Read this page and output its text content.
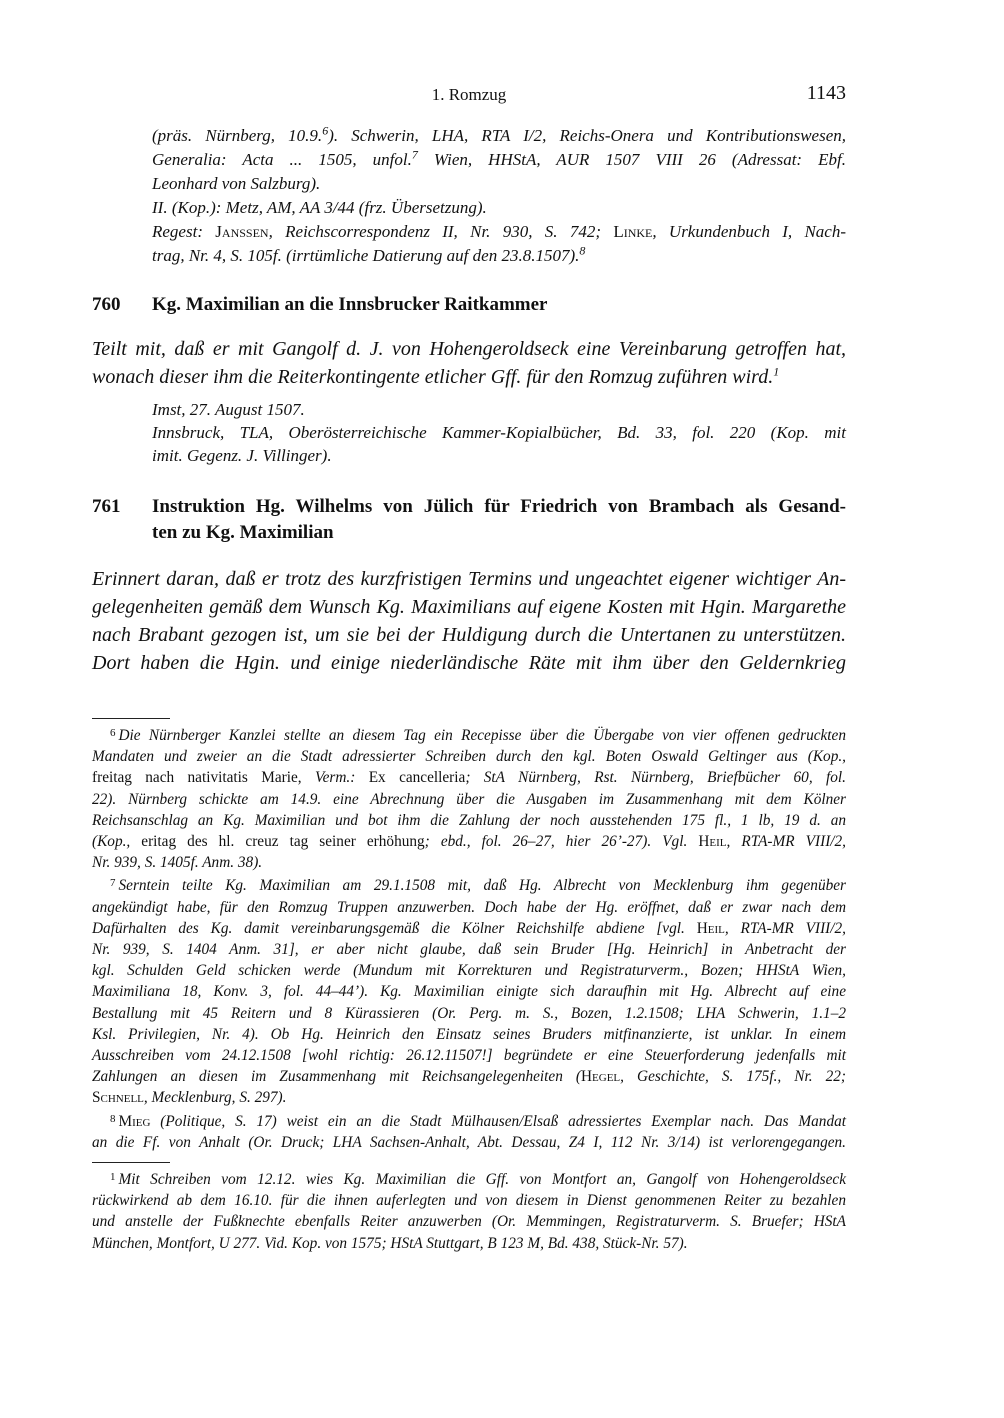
1. Romzug	1143
(präs. Nürnberg, 10.9.$^6$). Schwerin, LHA, RTA I/2, Reichs-Onera und Kontributionswesen,
Generalia: Acta ... 1505, unfol.$^7$ Wien, HHStA, AUR 1507 VIII 26 (Adressat: Ebf.
Leonhard von Salzburg).
II. (Kop.): Metz, AM, AA 3/44 (frz. Übersetzung).
Regest: Janssen, Reichscorrespondenz II, Nr. 930, S. 742; Linke, Urkundenbuch I, Nach-
trag, Nr. 4, S. 105f. (irrtümliche Datierung auf den 23.8.1507).$^8$
760	Kg. Maximilian an die Innsbrucker Raitkammer
Teilt mit, daß er mit Gangolf d. J. von Hohengeroldseck eine Vereinbarung getroffen hat,
wonach dieser ihm die Reiterkontingente etlicher Gff. für den Romzug zuführen wird.$^1$
Imst, 27. August 1507.
Innsbruck, TLA, Oberösterreichische Kammer-Kopialbücher, Bd. 33, fol. 220 (Kop. mit
imit. Gegenz. J. Villinger).
761	Instruktion Hg. Wilhelms von Jülich für Friedrich von Brambach als Gesand-
ten zu Kg. Maximilian
Erinnert daran, daß er trotz des kurzfristigen Termins und ungeachtet eigener wichtiger An-
gelegenheiten gemäß dem Wunsch Kg. Maximilians auf eigene Kosten mit Hgin. Margarethe
nach Brabant gezogen ist, um sie bei der Huldigung durch die Untertanen zu unterstützen.
Dort haben die Hgin. und einige niederländische Räte mit ihm über den Geldernkrieg
$^6$ Die Nürnberger Kanzlei stellte an diesem Tag ein Recepisse über die Übergabe von vier offenen gedruckten
Mandaten und zweier an die Stadt adressierter Schreiben durch den kgl. Boten Oswald Geltinger aus (Kop.,
freitag nach nativitatis Marie, Verm.: Ex cancelleria; StA Nürnberg, Rst. Nürnberg, Briefbücher 60, fol.
22). Nürnberg schickte am 14.9. eine Abrechnung über die Ausgaben im Zusammenhang mit dem Kölner
Reichsanschlag an Kg. Maximilian und bot ihm die Zahlung der noch ausstehenden 175 fl., 1 lb, 19 d. an
(Kop., eritag des hl. creuz tag seiner erhöhung; ebd., fol. 26–27, hier 26’-27). Vgl. Heil, RTA-MR VIII/2,
Nr. 939, S. 1405f. Anm. 38).
$^7$ Serntein teilte Kg. Maximilian am 29.1.1508 mit, daß Hg. Albrecht von Mecklenburg ihm gegenüber
angekündigt habe, für den Romzug Truppen anzuwerben. Doch habe der Hg. eröffnet, daß er zwar nach dem
Dafürhalten des Kg. damit vereinbarungsgemäß die Kölner Reichshilfe abdiene [vgl. Heil, RTA-MR VIII/2,
Nr. 939, S. 1404 Anm. 31], er aber nicht glaube, daß sein Bruder [Hg. Heinrich] in Anbetracht der
kgl. Schulden Geld schicken werde (Mundum mit Korrekturen und Registraturverm., Bozen; HHStA Wien,
Maximiliana 18, Konv. 3, fol. 44–44’). Kg. Maximilian einigte sich daraufhin mit Hg. Albrecht auf eine
Bestallung mit 45 Reitern und 8 Kürassieren (Or. Perg. m. S., Bozen, 1.2.1508; LHA Schwerin, 1.1–2
Ksl. Privilegien, Nr. 4). Ob Hg. Heinrich den Einsatz seines Bruders mitfinanzierte, ist unklar. In einem
Ausschreiben vom 24.12.1508 [wohl richtig: 26.12.11507!] begründete er eine Steuerforderung jedenfalls mit
Zahlungen an diesen im Zusammenhang mit Reichsangelegenheiten (Hegel, Geschichte, S. 175f., Nr. 22;
Schnell, Mecklenburg, S. 297).
$^8$ Mieg (Politique, S. 17) weist ein an die Stadt Mülhausen/Elsaß adressiertes Exemplar nach. Das Mandat
an die Ff. von Anhalt (Or. Druck; LHA Sachsen-Anhalt, Abt. Dessau, Z4 I, 112 Nr. 3/14) ist verlorengegangen.
$^1$ Mit Schreiben vom 12.12. wies Kg. Maximilian die Gff. von Montfort an, Gangolf von Hohengeroldseck
rückwirkend ab dem 16.10. für die ihnen auferlegten und von diesem in Dienst genommenen Reiter zu bezahlen
und anstelle der Fußknechte ebenfalls Reiter anzuwerben (Or. Memmingen, Registraturverm. S. Bruefer; HStA
München, Montfort, U 277. Vid. Kop. von 1575; HStA Stuttgart, B 123 M, Bd. 438, Stück-Nr. 57).
